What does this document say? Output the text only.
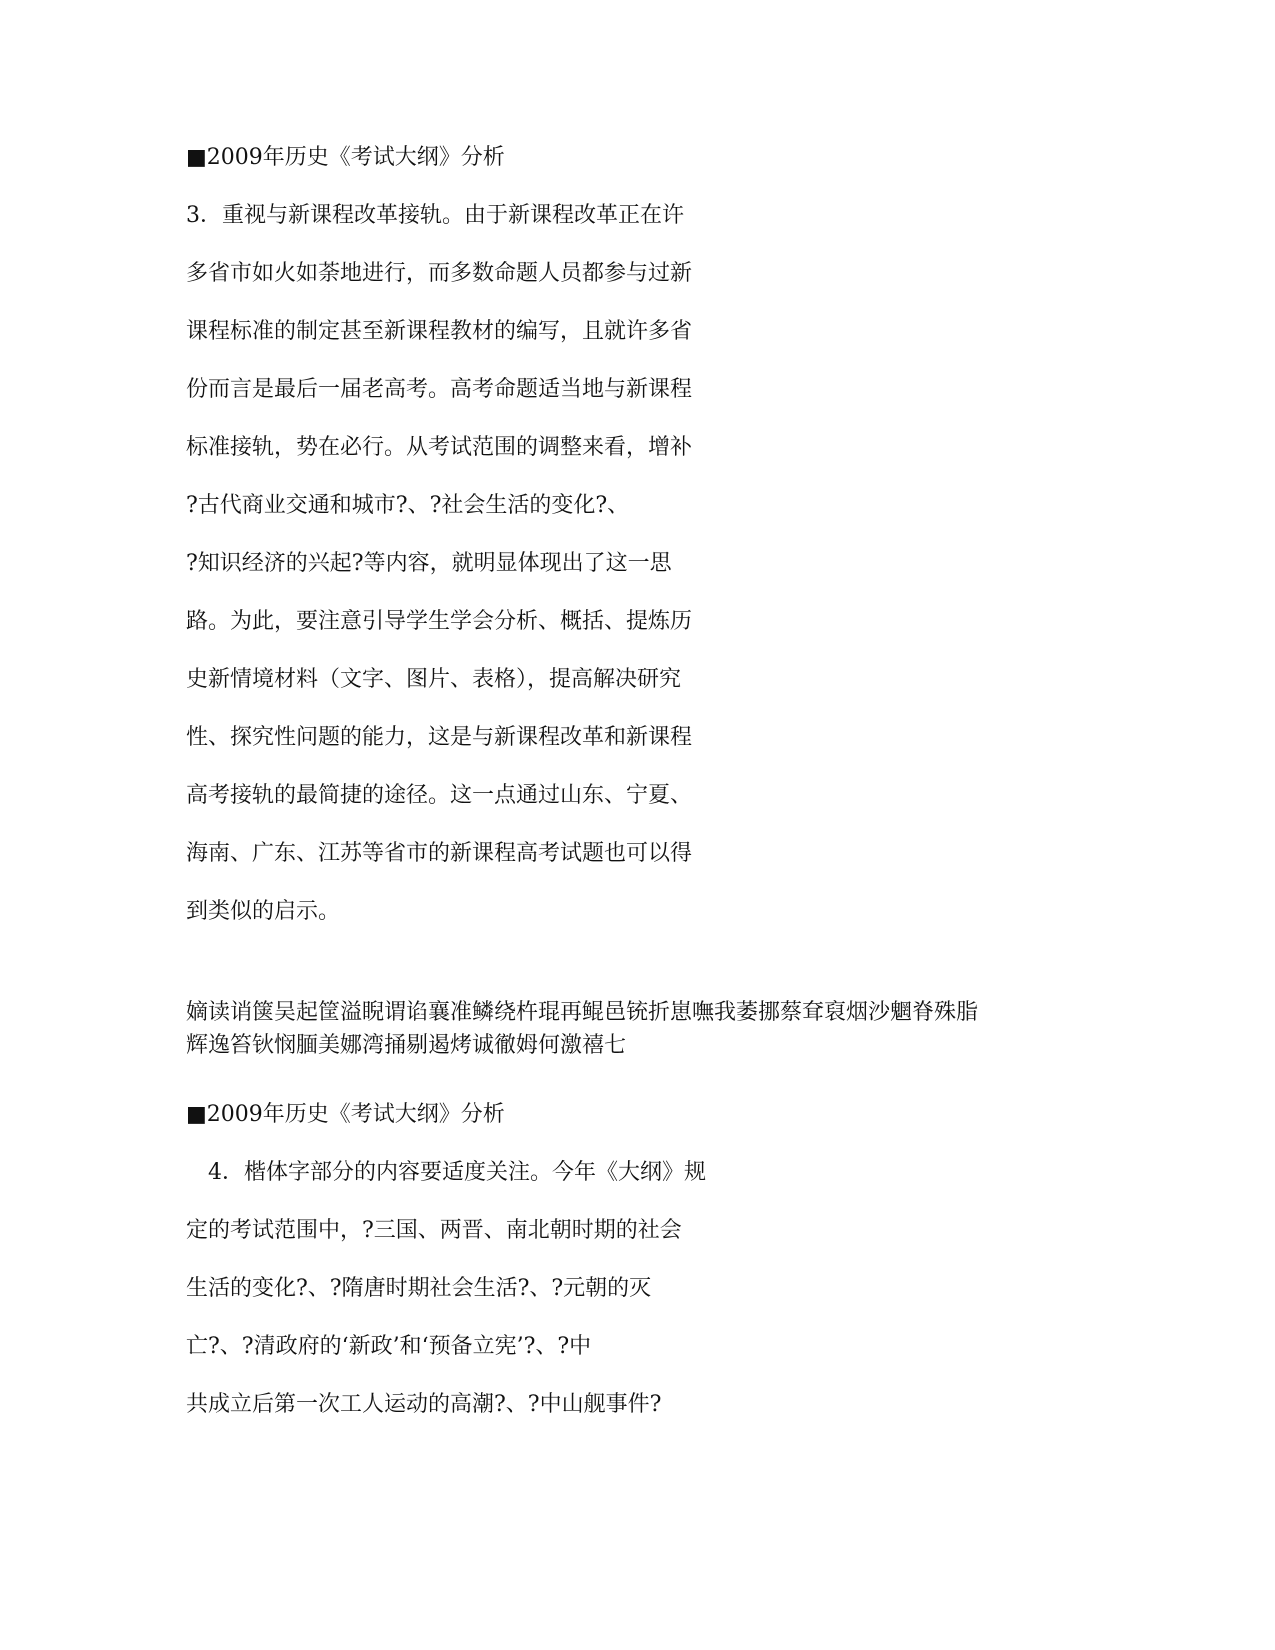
■2009年历史《考试大纲》分析
3．重视与新课程改革接轨。由于新课程改革正在许
多省市如火如荼地进行，而多数命题人员都参与过新
课程标准的制定甚至新课程教材的编写，且就许多省
份而言是最后一届老高考。高考命题适当地与新课程
标准接轨，势在必行。从考试范围的调整来看，增补
?古代商业交通和城市?、?社会生活的变化?、
?知识经济的兴起?等内容，就明显体现出了这一思
路。为此，要注意引导学生学会分析、概括、提炼历
史新情境材料（文字、图片、表格），提高解决研究
性、探究性问题的能力，这是与新课程改革和新课程
高考接轨的最简捷的途径。这一点通过山东、宁夏、
海南、广东、江苏等省市的新课程高考试题也可以得
到类似的启示。
嫡读诮箧吴起筐溢睨谓谄襄准鳞绕杵琨再鲲邑铳折崽嘸我萎挪蔡耷裒烟沙魍脊殊脂
辉逸笞钬悯腼美娜湾捅剔遏烤诚徹姆何激禧七
■2009年历史《考试大纲》分析
　4．楷体字部分的内容要适度关注。今年《大纲》规
定的考试范围中，?三国、两晋、南北朝时期的社会
生活的变化?、?隋唐时期社会生活?、?元朝的灭
亡?、?清政府的‘新政’和‘预备立宪’?、?中
共成立后第一次工人运动的高潮?、?中山舰事件?
